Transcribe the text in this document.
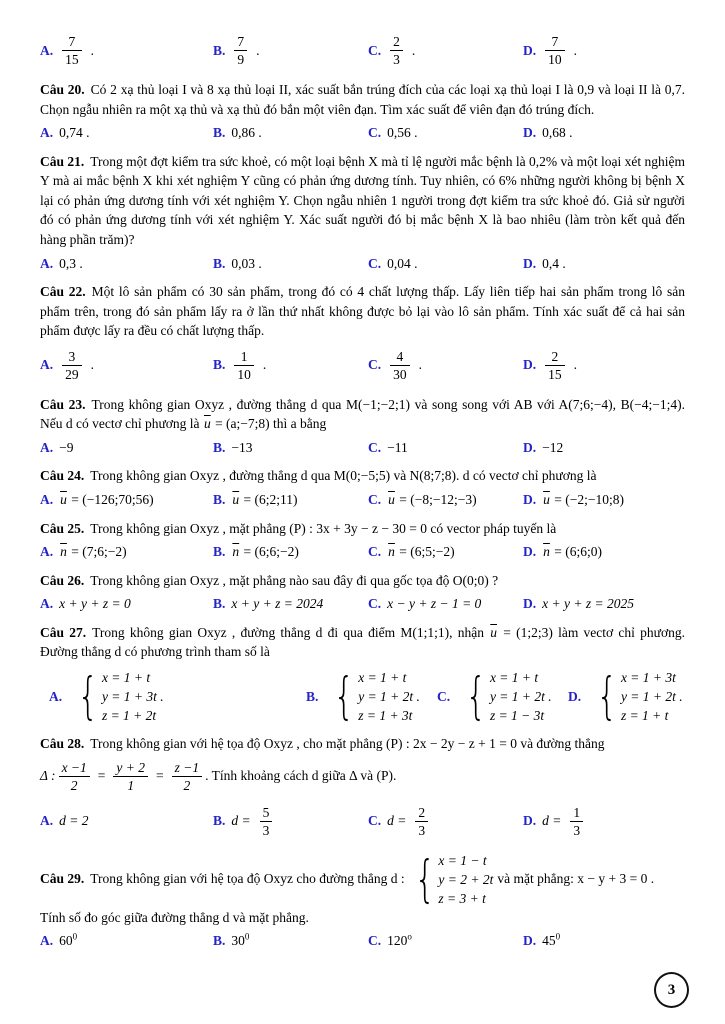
A. $\frac{7}{15}$ .	B. $\frac{7}{9}$ .	C. $\frac{2}{3}$ .	D. $\frac{7}{10}$ .

Câu 20. Có 2 xạ thủ loại I và 8 xạ thủ loại II, xác suất bắn trúng đích của các loại xạ thủ loại I là 0,9 và loại II là 0,7. Chọn ngẫu nhiên ra một xạ thủ và xạ thủ đó bắn một viên đạn. Tìm xác suất để viên đạn đó trúng đích.

A. 0,74 .	B. 0,86 .	C. 0,56 .	D. 0,68 .

Câu 21. Trong một đợt kiểm tra sức khoẻ, có một loại bệnh X mà tỉ lệ người mắc bệnh là 0,2% và một loại xét nghiệm Y mà ai mắc bệnh X khi xét nghiệm Y cũng có phản ứng dương tính. Tuy nhiên, có 6% những người không bị bệnh X lại có phản ứng dương tính với xét nghiệm Y. Chọn ngẫu nhiên 1 người trong đợt kiểm tra sức khoẻ đó. Giả sử người đó có phản ứng dương tính với xét nghiệm Y. Xác suất người đó bị mắc bệnh X là bao nhiêu (làm tròn kết quả đến hàng phần trăm)?

A. 0,3 .	B. 0,03 .	C. 0,04 .	D. 0,4 .

Câu 22. Một lô sản phẩm có 30 sản phẩm, trong đó có 4 chất lượng thấp. Lấy liên tiếp hai sản phẩm trong lô sản phẩm trên, trong đó sản phẩm lấy ra ở lần thứ nhất không được bỏ lại vào lô sản phẩm. Tính xác suất để cả hai sản phẩm được lấy ra đều có chất lượng thấp.

A. $\frac{3}{29}$ .	B. $\frac{1}{10}$ .	C. $\frac{4}{30}$ .	D. $\frac{2}{15}$ .

Câu 23. Trong không gian Oxyz , đường thẳng d qua M(−1;−2;1) và song song với AB với A(7;6;−4), B(−4;−1;4). Nếu d có vectơ chỉ phương là $\overline{u}$ = (a;−7;8) thì a bằng

A. −9	B. −13	C. −11	D. −12

Câu 24. Trong không gian Oxyz , đường thẳng d qua M(0;−5;5) và N(8;7;8). d có vectơ chỉ phương là

A. $\overline{u}$ = (−126;70;56)	B. $\overline{u}$ = (6;2;11)	C. $\overline{u}$ = (−8;−12;−3)	D. $\overline{u}$ = (−2;−10;8)

Câu 25. Trong không gian Oxyz , mặt phẳng (P) : 3x + 3y − z − 30 = 0 có vector pháp tuyến là

A. $\overline{n}$ = (7;6;−2)	B. $\overline{n}$ = (6;6;−2)	C. $\overline{n}$ = (6;5;−2)	D. $\overline{n}$ = (6;6;0)

Câu 26. Trong không gian Oxyz , mặt phẳng nào sau đây đi qua gốc tọa độ O(0;0) ?

A. x + y + z = 0	B. x + y + z = 2024	C. x − y + z − 1 = 0	D. x + y + z = 2025

Câu 27. Trong không gian Oxyz , đường thẳng d đi qua điểm M(1;1;1), nhận $\overline{u}$ = (1;2;3) làm vectơ chỉ phương. Đường thẳng d có phương trình tham số là

A.
{ x = 1 + t
y = 1 + 3t .
z = 1 + 2t
B.
{ x = 1 + t
y = 1 + 2t .
z = 1 + 3t
C.
{ x = 1 + t
y = 1 + 2t .
z = 1 − 3t
D.
{ x = 1 + 3t
y = 1 + 2t .
z = 1 + t

Câu 28. Trong không gian với hệ tọa độ Oxyz , cho mặt phẳng (P) : 2x − 2y − z + 1 = 0 và đường thẳng

Δ : $\frac{x -1}{2} = \frac{y + 2}{1} = \frac{z -1}{2}$ . Tính khoảng cách d giữa Δ và (P).
A. d = 2	B. $d = \frac{5}{3}$	C. $d = \frac{2}{3}$	D. $d = \frac{1}{3}$
Câu 29. Trong không gian với hệ tọa độ Oxyz cho đường thẳng d :
{ x = 1 − t
y = 2 + 2t
z = 3 + t
và mặt phẳng: x − y + 3 = 0 .

Tính số đo góc giữa đường thẳng d và mặt phẳng.

A. $60^0$	B. $30^0$	C. 120$^o$	D. $45^0$
3
